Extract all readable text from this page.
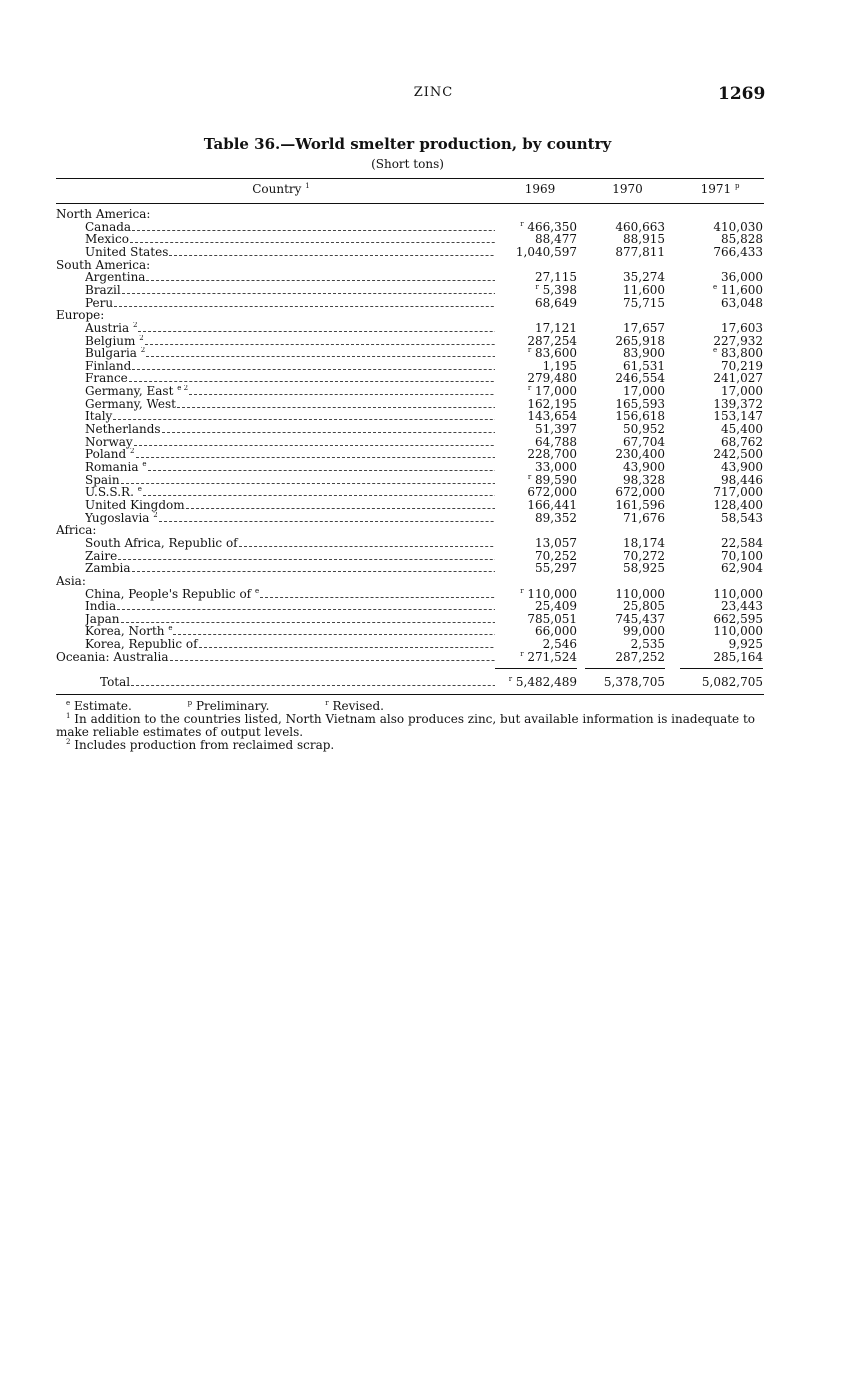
ZINC	1269
Table 36.—World smelter production, by country
(Short tons)
Country $^1$	1969	1970	1971 $^p$
North America:
Canada	$^r$ 466,350	460,663	410,030
Mexico	88,477	88,915	85,828
United States	1,040,597	877,811	766,433
South America:
Argentina	27,115	35,274	36,000
Brazil	$^r$ 5,398	11,600	$^e$ 11,600
Peru	68,649	75,715	63,048
Europe:
Austria $^2$	17,121	17,657	17,603
Belgium $^2$	287,254	265,918	227,932
Bulgaria $^2$	$^r$ 83,600	83,900	$^e$ 83,800
Finland	1,195	61,531	70,219
France	279,480	246,554	241,027
Germany, East $^{e 2}$	$^r$ 17,000	17,000	17,000
Germany, West	162,195	165,593	139,372
Italy	143,654	156,618	153,147
Netherlands	51,397	50,952	45,400
Norway	64,788	67,704	68,762
Poland $^2$	228,700	230,400	242,500
Romania $^e$	33,000	43,900	43,900
Spain	$^r$ 89,590	98,328	98,446
U.S.S.R. $^e$	672,000	672,000	717,000
United Kingdom	166,441	161,596	128,400
Yugoslavia $^2$	89,352	71,676	58,543
Africa:
South Africa, Republic of	13,057	18,174	22,584
Zaire	70,252	70,272	70,100
Zambia	55,297	58,925	62,904
Asia:
China, People's Republic of $^e$	$^r$ 110,000	110,000	110,000
India	25,409	25,805	23,443
Japan	785,051	745,437	662,595
Korea, North $^e$	66,000	99,000	110,000
Korea, Republic of	2,546	2,535	9,925
Oceania: Australia	$^r$ 271,524	287,252	285,164
Total	$^r$ 5,482,489	5,378,705	5,082,705

$^e$ Estimate.	$^p$ Preliminary.	$^r$ Revised.

$^1$ In addition to the countries listed, North Vietnam also produces zinc, but available information is inadequate to make reliable estimates of output levels.

$^2$ Includes production from reclaimed scrap.
